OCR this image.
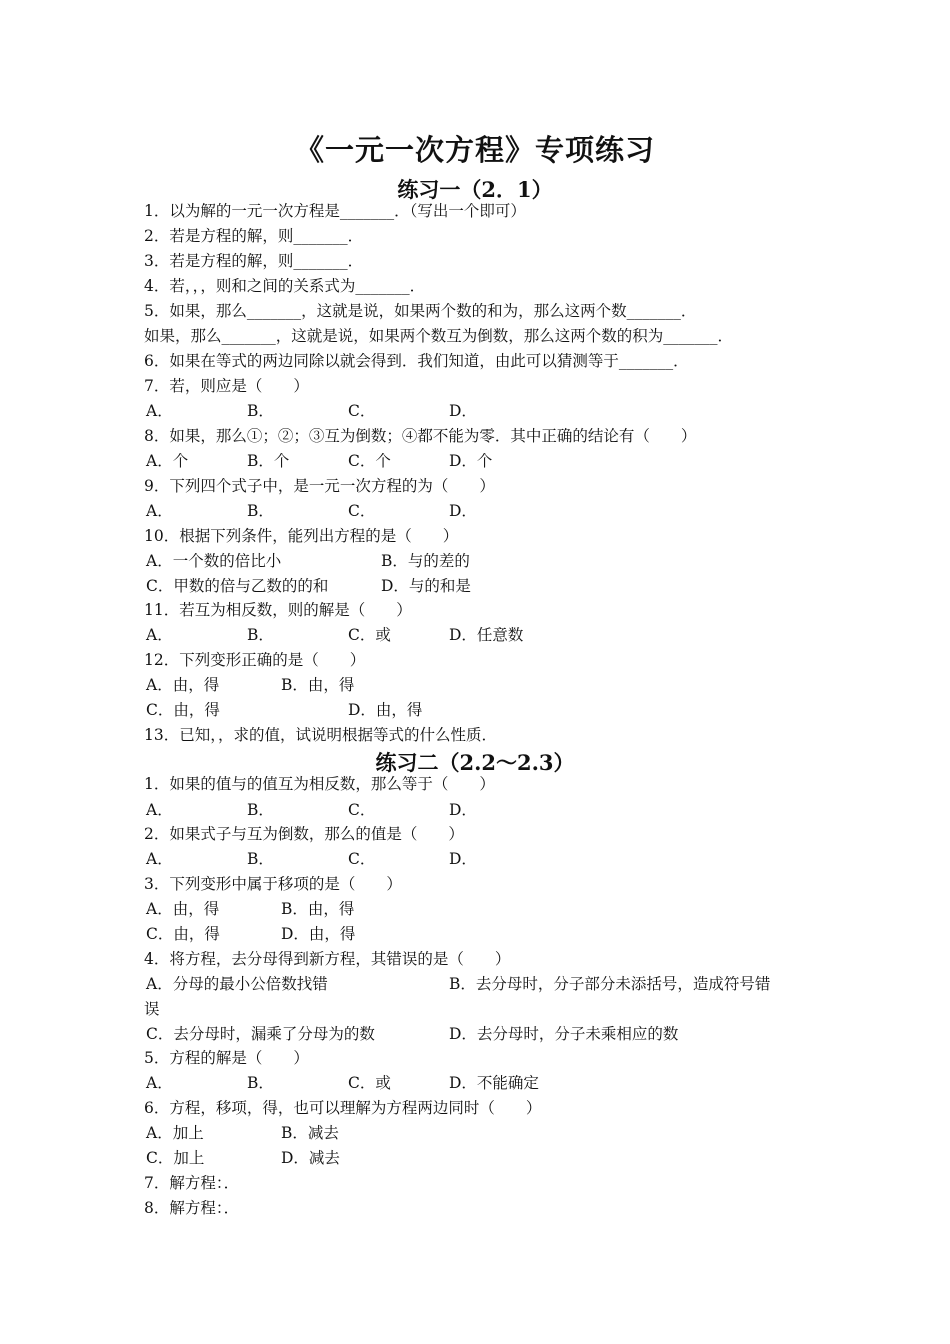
《一元一次方程》专项练习
练习一（2．1）
1．以为解的一元一次方程是_______．（写出一个即可）
2．若是方程的解，则_______．
3．若是方程的解，则_______．
4．若，，，则和之间的关系式为_______．
5．如果，那么_______，这就是说，如果两个数的和为，那么这两个数_______．
如果，那么_______，这就是说，如果两个数互为倒数，那么这两个数的积为_______．
6．如果在等式的两边同除以就会得到．我们知道，由此可以猜测等于_______．
7．若，则应是（　　）
A．	B．	C．	D．
8．如果，那么①；②；③互为倒数；④都不能为零．其中正确的结论有（　　）
A．个	B．个	C．个	D．个
9．下列四个式子中，是一元一次方程的为（　　）
A．	B．	C．	D．
10．根据下列条件，能列出方程的是（　　）
A．一个数的倍比小	B．与的差的
C．甲数的倍与乙数的的和	D．与的和是
11．若互为相反数，则的解是（　　）
A．	B．	C．或	D．任意数
12．下列变形正确的是（　　）
A．由，得	B．由，得
C．由，得	D．由，得
13．已知，，求的值，试说明根据等式的什么性质．
练习二（2.2～2.3）
1．如果的值与的值互为相反数，那么等于（　　）
A．	B．	C．	D．
2．如果式子与互为倒数，那么的值是（　　）
A．	B．	C．	D．
3．下列变形中属于移项的是（　　）
A．由，得	B．由，得
C．由，得	D．由，得
4．将方程，去分母得到新方程，其错误的是（　　）
A．分母的最小公倍数找错	B．去分母时，分子部分未添括号，造成符号错
误
C．去分母时，漏乘了分母为的数	D．去分母时，分子未乘相应的数
5．方程的解是（　　）
A．	B．	C．或	D．不能确定
6．方程，移项，得，也可以理解为方程两边同时（　　）
A．加上	B．减去
C．加上	D．减去
7．解方程：．
8．解方程：．
